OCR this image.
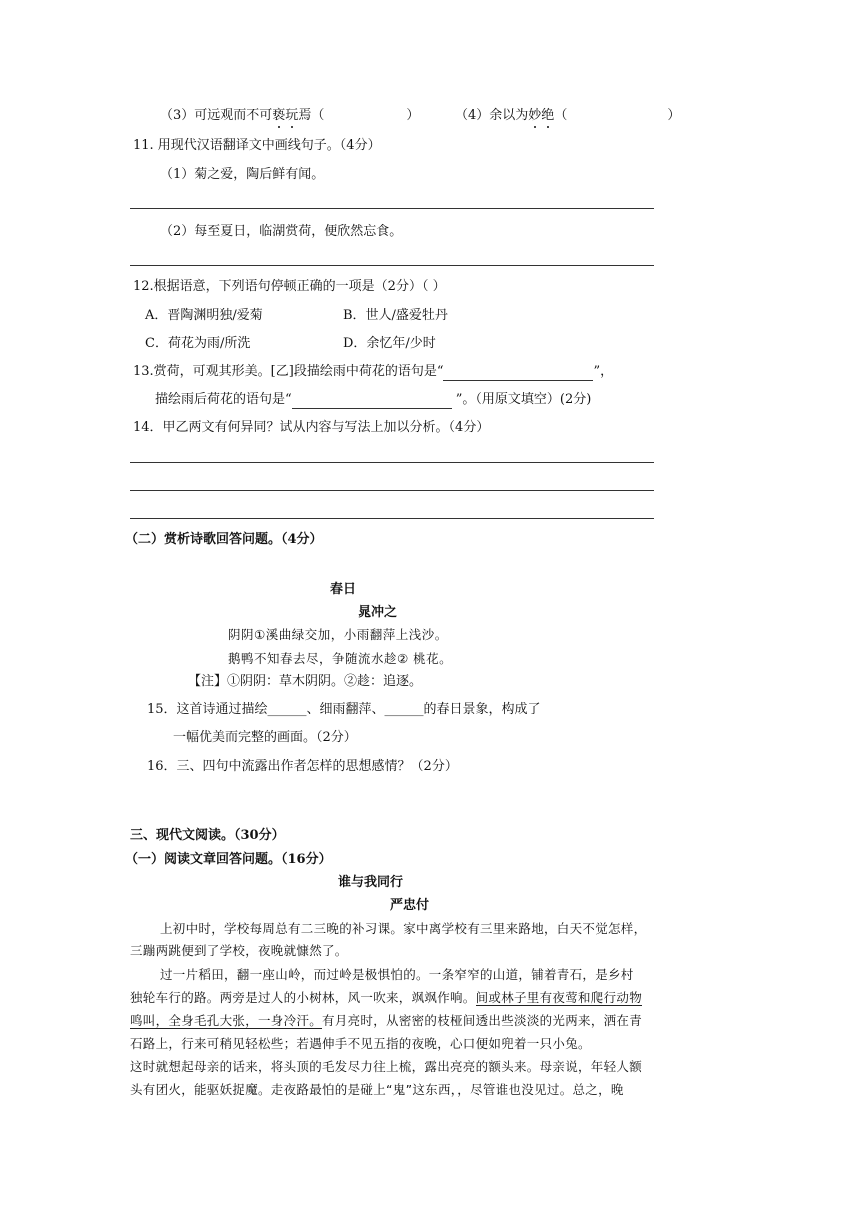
（3）可远观而不可亵玩焉（	）	（4）余以为妙绝（	）
11. 用现代汉语翻译文中画线句子。（4分）
（1）菊之爱，陶后鲜有闻。
（2）每至夏日，临湖赏荷，便欣然忘食。
12.根据语意，下列语句停顿正确的一项是（2分）（ ）
A．晋陶渊明独/爱菊	B．世人/盛爱牡丹
C．荷花为雨/所洗	D．余忆年/少时
13.赏荷，可观其形美。[乙]段描绘雨中荷花的语句是“	”，
描绘雨后荷花的语句是“	”。（用原文填空）(2分)
14．甲乙两文有何异同？试从内容与写法上加以分析。（4分）
（二）赏析诗歌回答问题。（4分）
春日
晁冲之
阴阴①溪曲绿交加，小雨翻萍上浅沙。
鹅鸭不知春去尽，争随流水趁② 桃花。
【注】①阴阴：草木阴阴。②趁：追逐。
15．这首诗通过描绘______、细雨翻萍、______的春日景象，构成了
一幅优美而完整的画面。（2分）
16．三、四句中流露出作者怎样的思想感情？（2分）
三、现代文阅读。（30分）
（一）阅读文章回答问题。（16分）
谁与我同行
严忠付
上初中时，学校每周总有二三晚的补习课。家中离学校有三里来路地，白天不觉怎样，
三蹦两跳便到了学校，夜晚就慷然了。
过一片稻田，翻一座山岭，而过岭是极惧怕的。一条窄窄的山道，铺着青石，是乡村
独轮车行的路。两旁是过人的小树林，风一吹来，飒飒作响。间或林子里有夜莺和爬行动物
鸣叫，全身毛孔大张，一身冷汗。有月亮时，从密密的枝桠间透出些淡淡的光两来，洒在青
石路上，行来可稍见轻松些；若遇伸手不见五指的夜晚，心口便如兜着一只小兔。
这时就想起母亲的话来，将头顶的毛发尽力往上梳，露出亮亮的额头来。母亲说，年轻人额
头有团火，能驱妖捉魔。走夜路最怕的是碰上“鬼”这东西，，尽管谁也没见过。总之，晚
